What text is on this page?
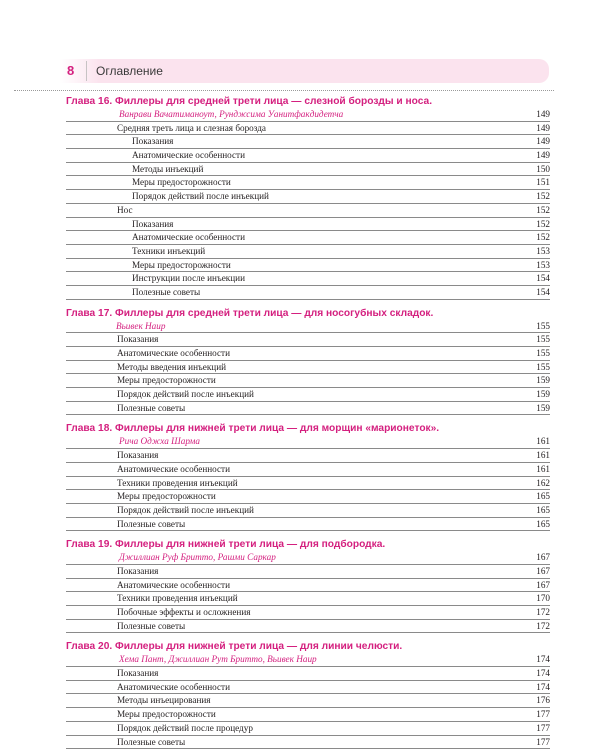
8 Оглавление
Глава 16. Филлеры для средней трети лица — слезной борозды и носа.
Ванрави Вачатиманоут, Рунджсима Уанитфакдидетча	149
Средняя треть лица и слезная борозда	149
Показания	149
Анатомические особенности	149
Методы инъекций	150
Меры предосторожности	151
Порядок действий после инъекций	152
Нос	152
Показания	152
Анатомические особенности	152
Техники инъекций	153
Меры предосторожности	153
Инструкции после инъекции	154
Полезные советы	154
Глава 17. Филлеры для средней трети лица — для носогубных складок.
Вьивек Наир	155
Показания	155
Анатомические особенности	155
Методы введения инъекций	155
Меры предосторожности	159
Порядок действий после инъекций	159
Полезные советы	159
Глава 18. Филлеры для нижней трети лица — для морщин «марионеток».
Рича Оджха Шарма	161
Показания	161
Анатомические особенности	161
Техники проведения инъекций	162
Меры предосторожности	165
Порядок действий после инъекций	165
Полезные советы	165
Глава 19. Филлеры для нижней трети лица — для подбородка.
Джиллиан Руф Бритто, Рашми Саркар	167
Показания	167
Анатомические особенности	167
Техники проведения инъекций	170
Побочные эффекты и осложнения	172
Полезные советы	172
Глава 20. Филлеры для нижней трети лица — для линии челюсти.
Хема Пант, Джиллиан Рут Бритто, Вьивек Наир	174
Показания	174
Анатомические особенности	174
Методы инъецирования	176
Меры предосторожности	177
Порядок действий после процедур	177
Полезные советы	177
